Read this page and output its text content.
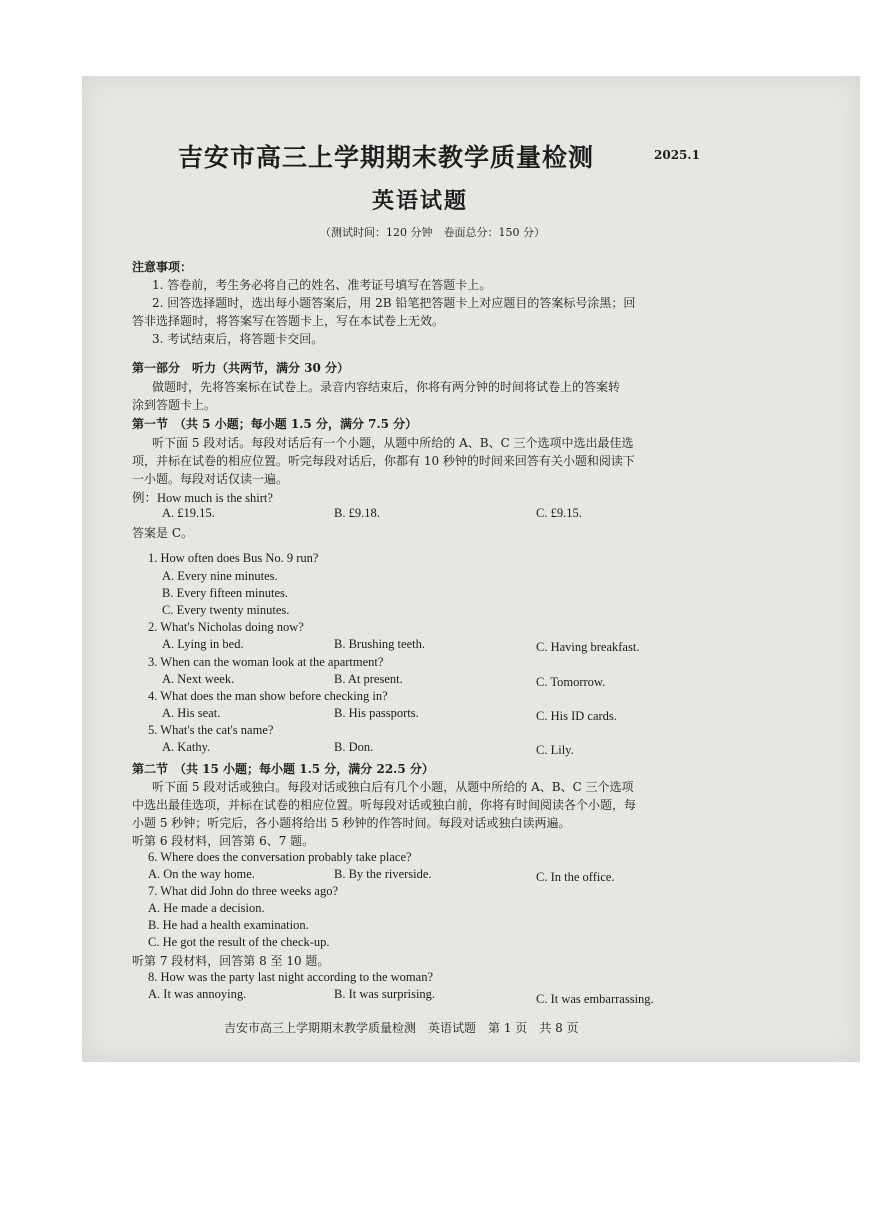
吉安市高三上学期期末教学质量检测	2025.1
英语试题
（测试时间：120 分钟　卷面总分：150 分）
注意事项：
1. 答卷前，考生务必将自己的姓名、准考证号填写在答题卡上。
2. 回答选择题时，选出每小题答案后，用 2B 铅笔把答题卡上对应题目的答案标号涂黑；回
答非选择题时，将答案写在答题卡上，写在本试卷上无效。
3. 考试结束后，将答题卡交回。
第一部分　听力（共两节，满分 30 分）
做题时，先将答案标在试卷上。录音内容结束后，你将有两分钟的时间将试卷上的答案转
涂到答题卡上。
第一节　（共 5 小题；每小题 1.5 分，满分 7.5 分）
听下面 5 段对话。每段对话后有一个小题，从题中所给的 A、B、C 三个选项中选出最佳选
项，并标在试卷的相应位置。听完每段对话后，你都有 10 秒钟的时间来回答有关小题和阅读下
一小题。每段对话仅读一遍。
例：How much is the shirt?
A. £19.15.	B. £9.18.	C. £9.15.
答案是 C。
1. How often does Bus No. 9 run?
A. Every nine minutes.
B. Every fifteen minutes.
C. Every twenty minutes.
2. What's Nicholas doing now?
A. Lying in bed.	B. Brushing teeth.	C. Having breakfast.
3. When can the woman look at the apartment?
A. Next week.	B. At present.	C. Tomorrow.
4. What does the man show before checking in?
A. His seat.	B. His passports.	C. His ID cards.
5. What's the cat's name?
A. Kathy.	B. Don.	C. Lily.
第二节　（共 15 小题；每小题 1.5 分，满分 22.5 分）
听下面 5 段对话或独白。每段对话或独白后有几个小题，从题中所给的 A、B、C 三个选项
中选出最佳选项，并标在试卷的相应位置。听每段对话或独白前，你将有时间阅读各个小题，每
小题 5 秒钟；听完后，各小题将给出 5 秒钟的作答时间。每段对话或独白读两遍。
听第 6 段材料，回答第 6、7 题。
6. Where does the conversation probably take place?
A. On the way home.	B. By the riverside.	C. In the office.
7. What did John do three weeks ago?
A. He made a decision.
B. He had a health examination.
C. He got the result of the check-up.
听第 7 段材料，回答第 8 至 10 题。
8. How was the party last night according to the woman?
A. It was annoying.	B. It was surprising.	C. It was embarrassing.
吉安市高三上学期期末教学质量检测　英语试题　第 1 页　共 8 页
